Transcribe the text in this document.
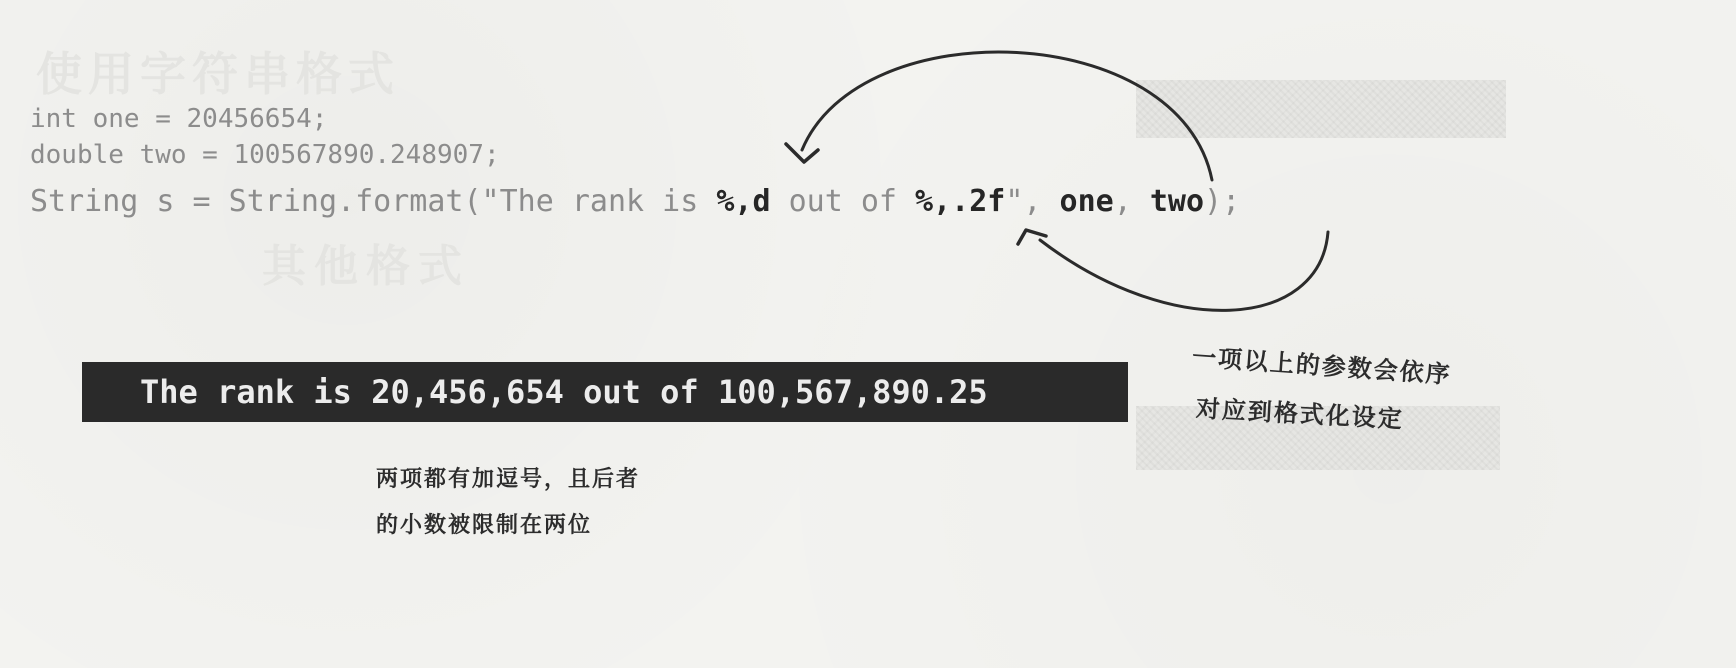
使用字符串格式
其他格式
int one = 20456654;
double two = 100567890.248907;
String s = String.format("The rank is %,d out of %,.2f", one, two);
The rank is 20,456,654 out of 100,567,890.25
一项以上的参数会依序
对应到格式化设定
两项都有加逗号，且后者
的小数被限制在两位
